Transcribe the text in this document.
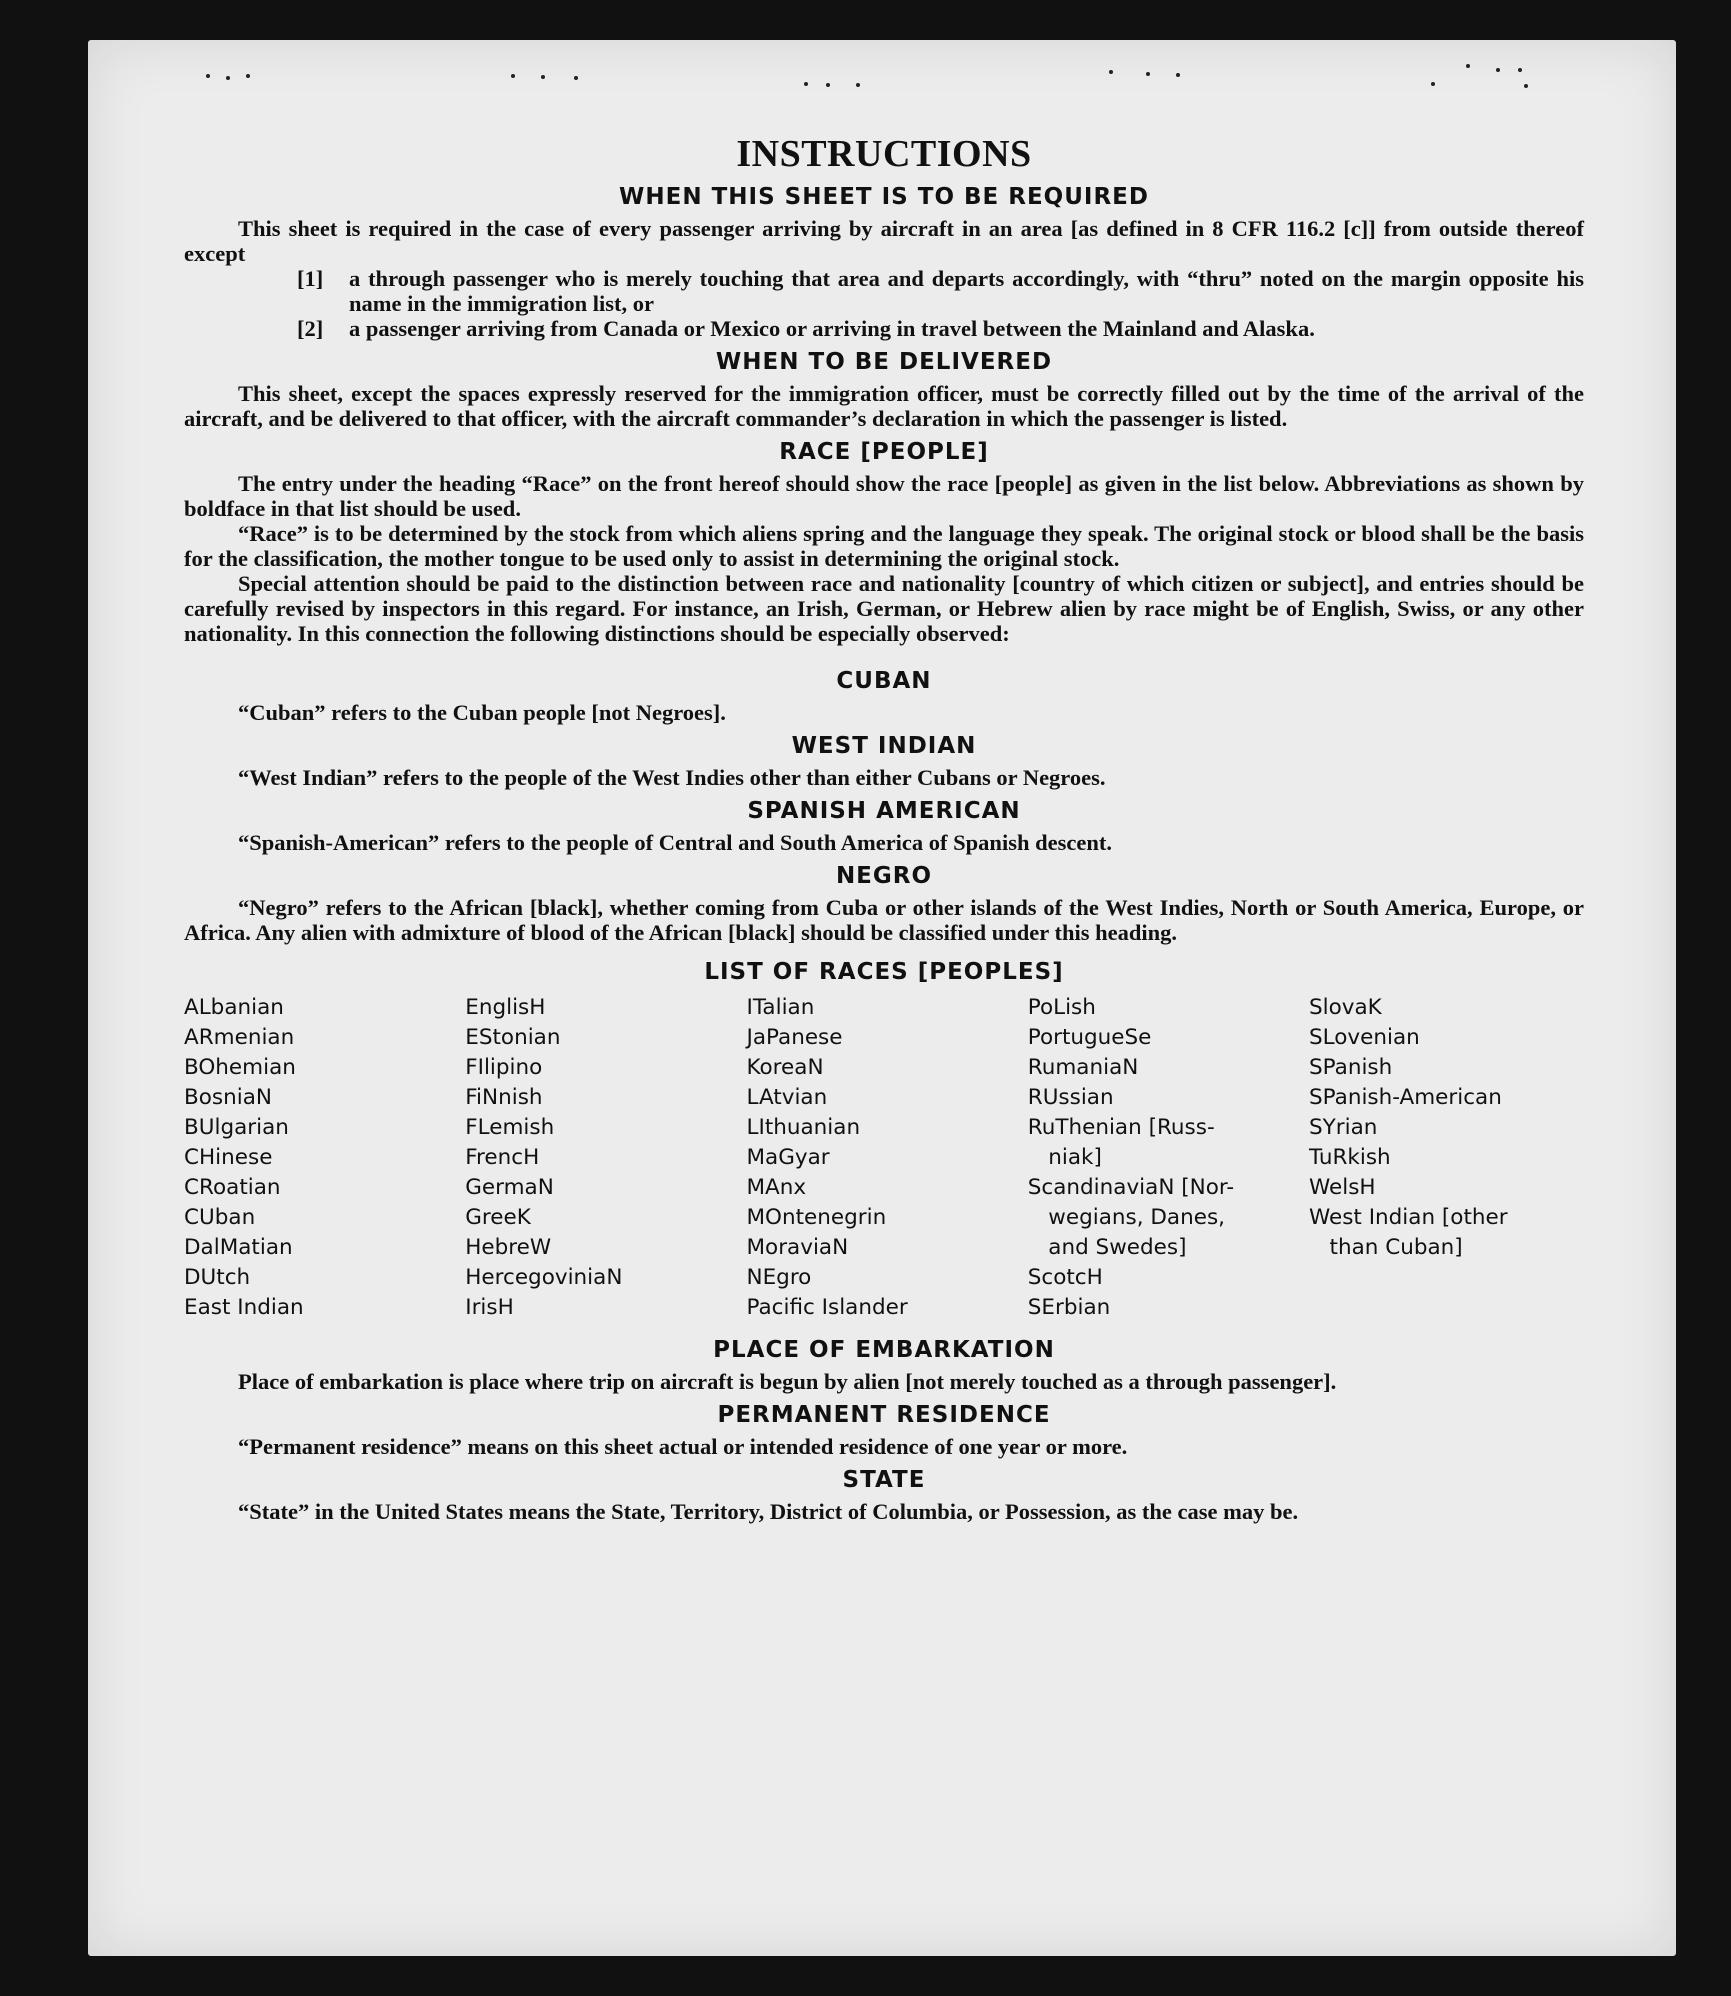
INSTRUCTIONS
WHEN THIS SHEET IS TO BE REQUIRED

This sheet is required in the case of every passenger arriving by aircraft in an area [as defined in 8 CFR 116.2 [c]] from outside thereof except

[1]	a through passenger who is merely touching that area and departs accordingly, with “thru” noted on the margin opposite his name in the immigration list, or
[2]	a passenger arriving from Canada or Mexico or arriving in travel between the Mainland and Alaska.
WHEN TO BE DELIVERED

This sheet, except the spaces expressly reserved for the immigration officer, must be correctly filled out by the time of the arrival of the aircraft, and be delivered to that officer, with the aircraft commander’s declaration in which the passenger is listed.

RACE [PEOPLE]

The entry under the heading “Race” on the front hereof should show the race [people] as given in the list below. Abbreviations as shown by boldface in that list should be used.

“Race” is to be determined by the stock from which aliens spring and the language they speak. The original stock or blood shall be the basis for the classification, the mother tongue to be used only to assist in determining the original stock.

Special attention should be paid to the distinction between race and nationality [country of which citizen or subject], and entries should be carefully revised by inspectors in this regard. For instance, an Irish, German, or Hebrew alien by race might be of English, Swiss, or any other nationality. In this connection the following distinctions should be especially observed:

CUBAN

“Cuban” refers to the Cuban people [not Negroes].

WEST INDIAN

“West Indian” refers to the people of the West Indies other than either Cubans or Negroes.

SPANISH AMERICAN

“Spanish-American” refers to the people of Central and South America of Spanish descent.

NEGRO

“Negro” refers to the African [black], whether coming from Cuba or other islands of the West Indies, North or South America, Europe, or Africa. Any alien with admixture of blood of the African [black] should be classified under this heading.

LIST OF RACES [PEOPLES]
ALbanian
ARmenian
BOhemian
BosniaN
BUlgarian
CHinese
CRoatian
CUban
DalMatian
DUtch
East Indian
EnglisH
EStonian
FIlipino
FiNnish
FLemish
FrencH
GermaN
GreeK
HebreW
HercegoviniaN
IrisH
ITalian
JaPanese
KoreaN
LAtvian
LIthuanian
MaGyar
MAnx
MOntenegrin
MoraviaN
NEgro
Pacific Islander
PoLish
PortugueSe
RumaniaN
RUssian
RuThenian [Russ-
niak]
ScandinaviaN [Nor-
wegians, Danes,
and Swedes]
ScotcH
SErbian
SlovaK
SLovenian
SPanish
SPanish-American
SYrian
TuRkish
WelsH
West Indian [other
than Cuban]
PLACE OF EMBARKATION

Place of embarkation is place where trip on aircraft is begun by alien [not merely touched as a through passenger].

PERMANENT RESIDENCE

“Permanent residence” means on this sheet actual or intended residence of one year or more.

STATE

“State” in the United States means the State, Territory, District of Columbia, or Possession, as the case may be.
